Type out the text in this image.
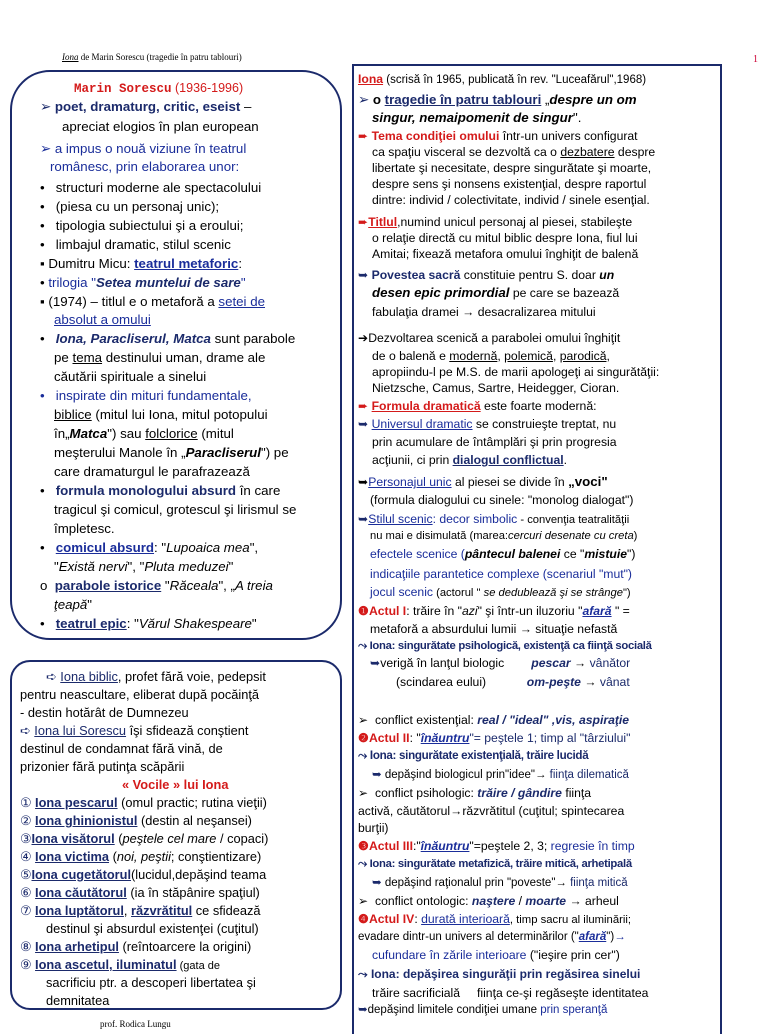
Iona de Marin Sorescu (tragedie în patru tablouri)	1
Marin Sorescu (1936-1996)
➢ poet, dramaturg, critic, eseist –
apreciat elogios în plan european
➢ a impus o nouă viziune în teatrul
românesc, prin elaborarea unor:
•   structuri moderne ale spectacolului
•   (piesa cu un personaj unic);
•   tipologia subiectului şi a eroului;
•   limbajul dramatic, stilul scenic
▪ Dumitru Micu: teatrul metaforic:
• trilogia "Setea muntelui de sare"
▪ (1974) – titlul e o metaforă a setei de
absolut a omului
•   Iona, Paracliserul, Matca sunt parabole
pe tema destinului uman, drame ale
căutării spirituale a sinelui
•   inspirate din mituri fundamentale,
biblice (mitul lui Iona, mitul potopului
în„Matca") sau folclorice (mitul
meşterului Manole în „Paracliserul") pe
care dramaturgul le parafrazează
•   formula monologului absurd în care
tragicul şi comicul, grotescul şi lirismul se
împletesc.
•   comicul absurd: "Lupoaica mea",
"Există nervi", "Pluta meduzei"
o  parabole istorice "Răceala", „A treia
ţeapă"
•   teatrul epic: "Vărul Shakespeare"
➪ Iona biblic, profet fără voie, pedepsit
pentru neascultare, eliberat după pocăinţă
- destin hotărât de Dumnezeu
➪ Iona lui Sorescu îşi sfidează conştient
destinul de condamnat fără vină, de
prizonier fără putinţa scăpării
« Vocile » lui Iona
① Iona pescarul (omul practic; rutina vieţii)
② Iona ghinionistul (destin al neşansei)
③Iona visătorul (peştele cel mare / copaci)
④ Iona victima (noi, peştii; conştientizare)
⑤Iona cugetătorul(lucidul,depăşind teama
⑥ Iona căutătorul (ia în stăpânire spaţiul)
⑦ Iona luptătorul, răzvrătitul ce sfidează
destinul şi absurdul existenţei (cuţitul)
⑧ Iona arhetipul (reîntoarcere la origini)
⑨ Iona ascetul, iluminatul (gata de
sacrificiu ptr. a descoperi libertatea şi
demnitatea
prof. Rodica Lungu
Iona (scrisă în 1965, publicată în rev. "Luceafărul",1968)
➢ o tragedie în patru tablouri „despre un om
singur, nemaipomenit de singur".
➨ Tema condiţiei omului într-un univers configurat
ca spaţiu visceral se dezvoltă ca o dezbatere despre
libertate şi necesitate, despre singurătate şi moarte,
despre sens şi nonsens existenţial, despre raportul
dintre: individ / colectivitate, individ / sinele esenţial.
➨Titlul,numind unicul personaj al piesei, stabileşte
o relaţie directă cu mitul biblic despre Iona, fiul lui
Amitai; fixează metafora omului înghiţit de balenă
➥ Povestea sacră constituie pentru S. doar un
desen epic primordial pe care se bazează
fabulaţia dramei → desacralizarea mitului
➔Dezvoltarea scenică a parabolei omului înghiţit
de o balenă e modernă, polemică, parodică,
apropiindu-l pe M.S. de marii apologeţi ai singurătăţii:
Nietzsche, Camus, Sartre, Heidegger, Cioran.
➨ Formula dramatică este foarte modernă:
➥ Universul dramatic se construieşte treptat, nu
prin acumulare de întâmplări şi prin progresia
acţiunii, ci prin dialogul conflictual.
➥Personajul unic al piesei se divide în „voci"
(formula dialogului cu sinele: "monolog dialogat")
➥Stilul scenic: decor simbolic - convenţia teatralităţii
nu mai e disimulată (marea:cercuri desenate cu creta)
efectele scenice (pântecul balenei ce "mistuie")
indicaţiile parantetice complexe (scenariul "mut")
jocul scenic (actorul " se dedublează şi se strânge")
❶Actul I: trăire în "azi" şi într-un iluzoriu "afară " =
metaforă a absurdului lumii → situaţie nefastă
⤳ Iona: singurătate psihologică, existenţă ca fiinţă socială
➥verigă în lanţul biologic pescar → vânător
(scindarea eului)	om-peşte → vânat
➢  conflict existenţial: real / "ideal" ,vis, aspiraţie
❷Actul II: "înăuntru"= peştele 1; timp al "târziului"
⤳ Iona: singurătate existenţială, trăire lucidă
➥ depăşind biologicul prin"idee"→ fiinţa dilematică
➢  conflict psihologic: trăire / gândire fiinţa
activă, căutătorul→răzvrătitul (cuţitul; spintecarea
burţii)
❸Actul III:"înăuntru"=peştele 2, 3; regresie în timp
⤳ Iona: singurătate metafizică, trăire mitică, arhetipală
➥ depăşind raţionalul prin "poveste"→ fiinţa mitică
➢  conflict ontologic: naştere / moarte → arheul
❹Actul IV: durată interioară, timp sacru al iluminării;
evadare dintr-un univers al determinărilor ("afară")→
cufundare în zările interioare ("ieşire prin cer")
⤳ Iona: depăşirea singurăţii prin regăsirea sinelui
trăire sacrificială fiinţa ce-şi regăseşte identitatea
➥depăşind limitele condiţiei umane prin speranţă
